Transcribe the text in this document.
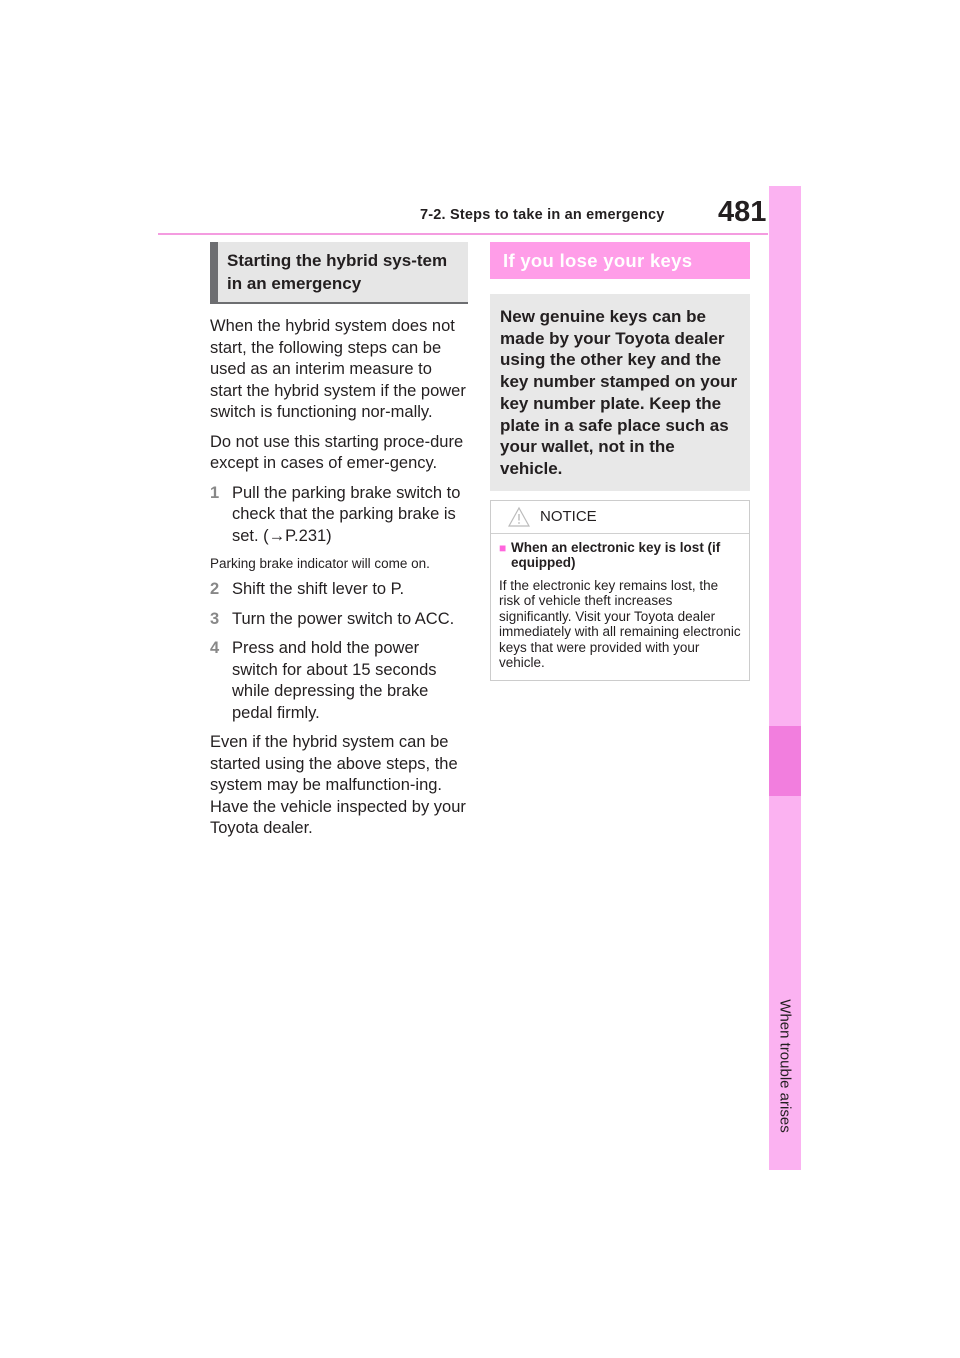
7-2. Steps to take in an emergency 481
7
When trouble arises
Starting the hybrid sys-tem in an emergency

When the hybrid system does not start, the following steps can be used as an interim measure to start the hybrid system if the power switch is functioning nor-mally.

Do not use this starting proce-dure except in cases of emer-gency.

1 Pull the parking brake switch to check that the parking brake is set. (→P.231)

Parking brake indicator will come on.

2 Shift the shift lever to P.
3 Turn the power switch to ACC.
4 Press and hold the power switch for about 15 seconds while depressing the brake pedal firmly.

Even if the hybrid system can be started using the above steps, the system may be malfunction-ing. Have the vehicle inspected by your Toyota dealer.

If you lose your keys
New genuine keys can be made by your Toyota dealer using the other key and the key number stamped on your key number plate. Keep the plate in a safe place such as your wallet, not in the vehicle.
NOTICE
■ When an electronic key is lost (if equipped)

If the electronic key remains lost, the risk of vehicle theft increases significantly. Visit your Toyota dealer immediately with all remaining electronic keys that were provided with your vehicle.
